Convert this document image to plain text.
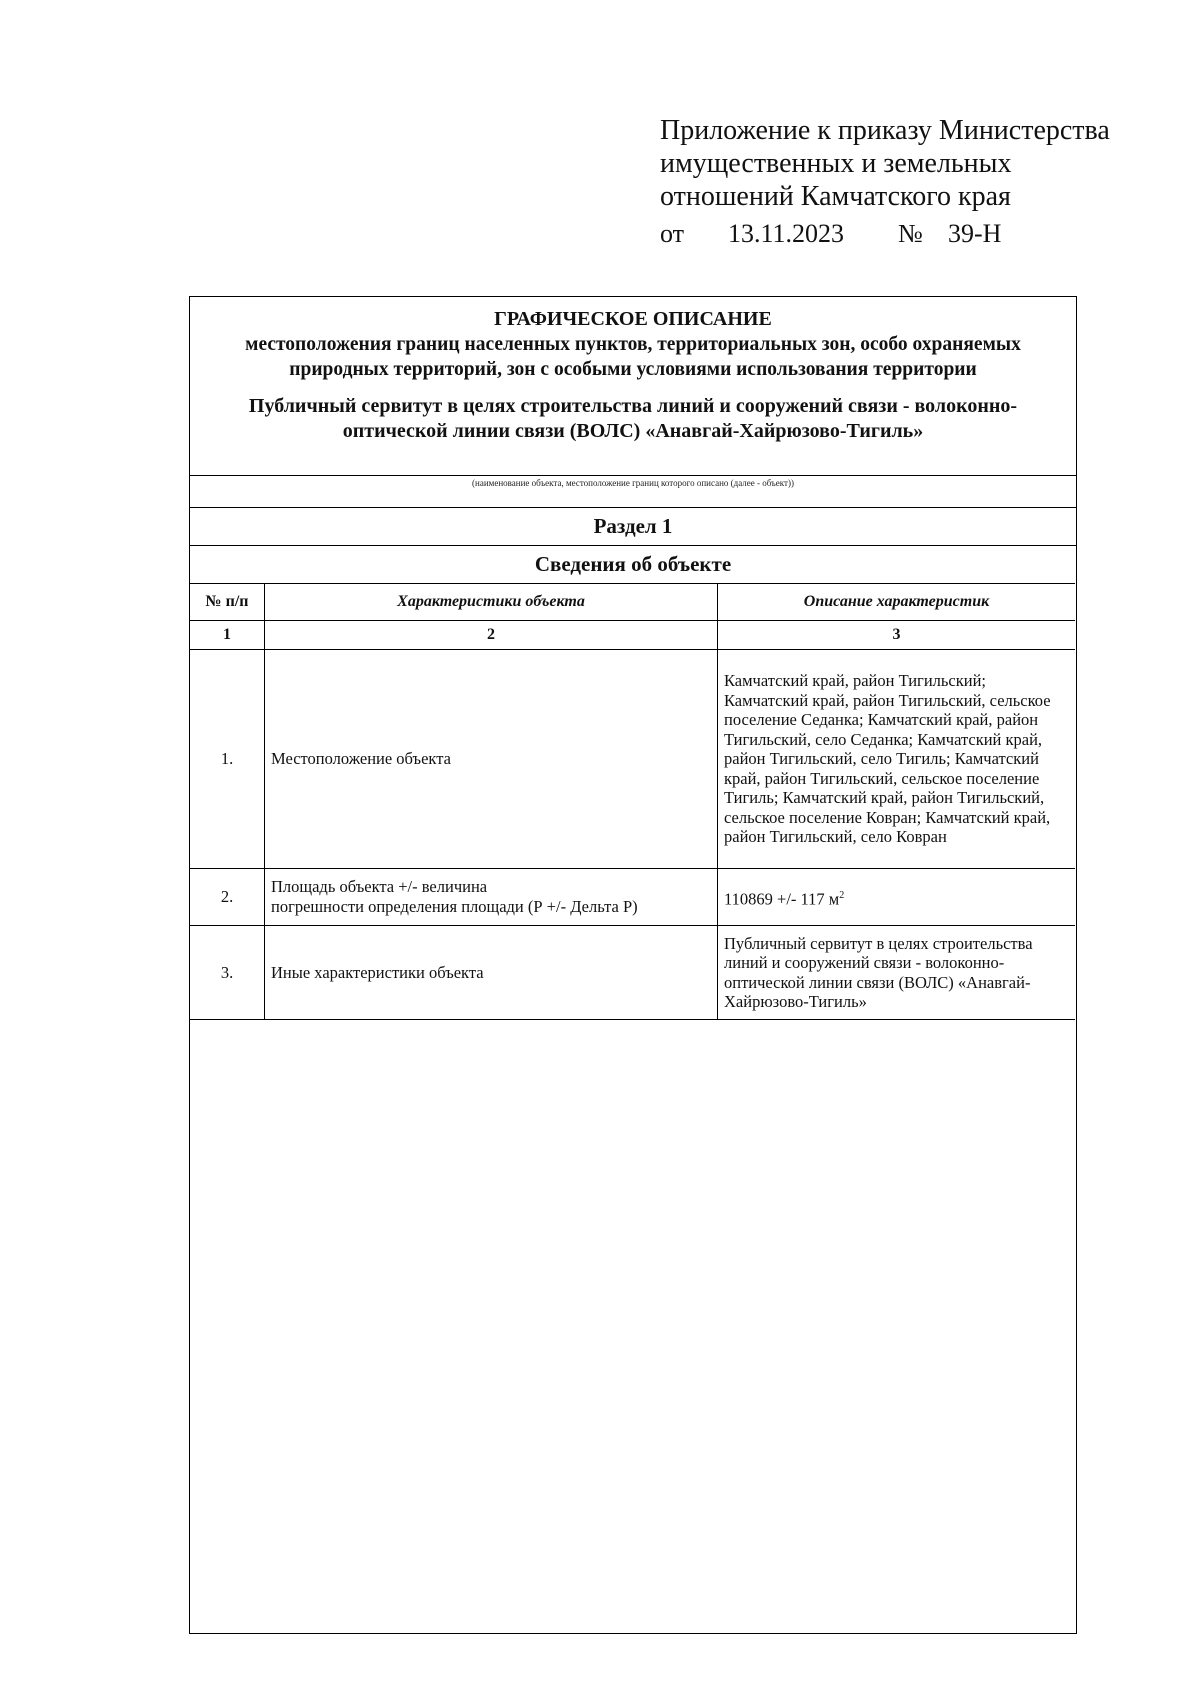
Приложение к приказу Министерства
имущественных и земельных
отношений Камчатского края
от	13.11.2023	№ 39-Н
ГРАФИЧЕСКОЕ ОПИСАНИЕ
местоположения границ населенных пунктов, территориальных зон, особо охраняемых природных территорий, зон с особыми условиями использования территории
Публичный сервитут в целях строительства линий и сооружений связи - волоконно-оптической линии связи (ВОЛС) «Анавгай-Хайрюзово-Тигиль»
(наименование объекта, местоположение границ которого описано (далее - объект))
Раздел 1
Сведения об объекте
№ п/п	Характеристики объекта	Описание характеристик
1	2	3
1.	Местоположение объекта	Камчатский край, район Тигильский; Камчатский край, район Тигильский, сельское поселение Седанка; Камчатский край, район Тигильский, село Седанка; Камчатский край, район Тигильский, село Тигиль; Камчатский край, район Тигильский, сельское поселение Тигиль; Камчатский край, район Тигильский, сельское поселение Ковран; Камчатский край, район Тигильский, село Ковран
2.	Площадь объекта +/- величина
погрешности определения площади (Р +/- Дельта Р)	110869 +/- 117 $м^2$
3.	Иные характеристики объекта	Публичный сервитут в целях строительства линий и сооружений связи - волоконно-оптической линии связи (ВОЛС) «Анавгай-Хайрюзово-Тигиль»
